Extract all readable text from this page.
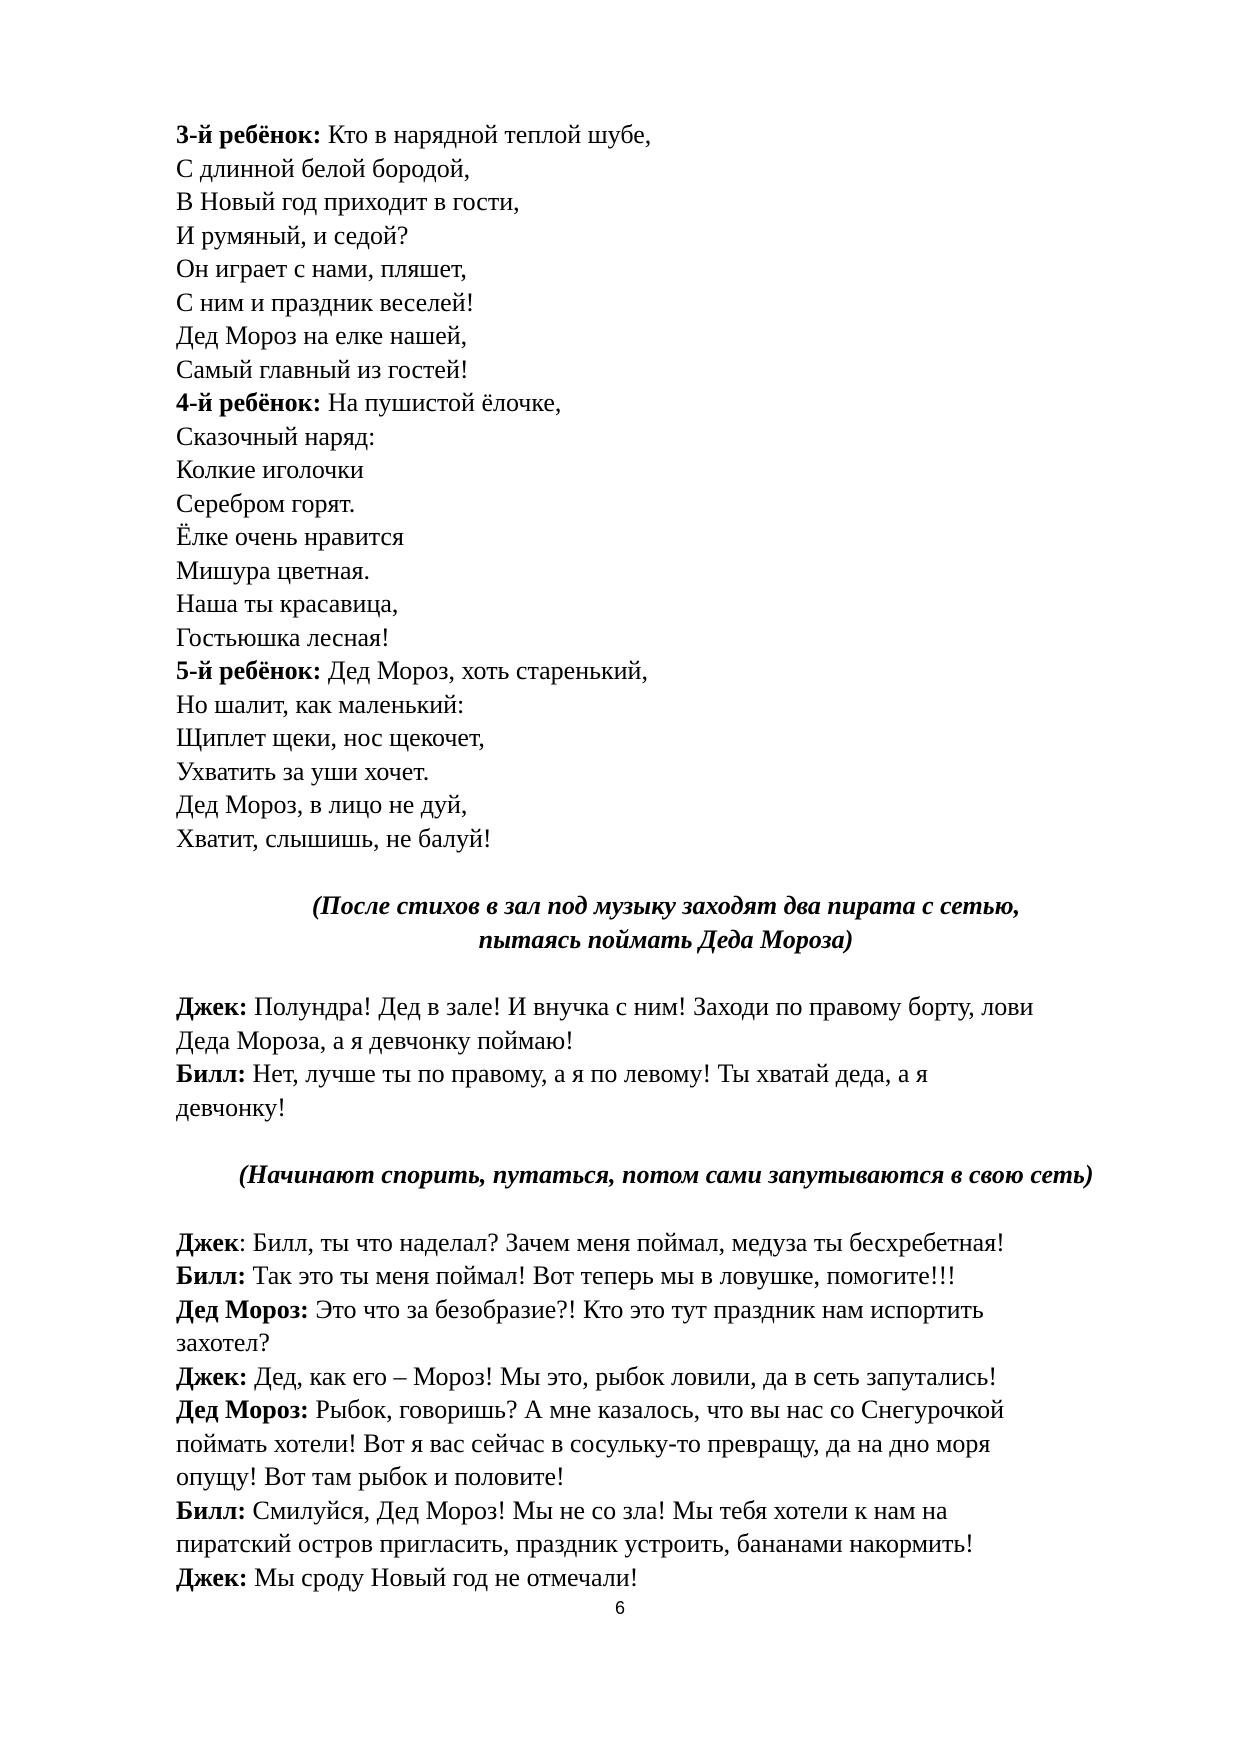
3-й ребёнок: Кто в нарядной теплой шубе,

С длинной белой бородой,

В Новый год приходит в гости,

И румяный, и седой?

Он играет с нами, пляшет,

С ним и праздник веселей!

Дед Мороз на елке нашей,

Самый главный из гостей!

4-й ребёнок: На пушистой ёлочке,

Сказочный наряд:

Колкие иголочки

Серебром горят.

Ёлке очень нравится

Мишура цветная.

Наша ты красавица,

Гостьюшка лесная!

5-й ребёнок: Дед Мороз, хоть старенький,

Но шалит, как маленький:

Щиплет щеки, нос щекочет,

Ухватить за уши хочет.

Дед Мороз, в лицо не дуй,

Хватит, слышишь, не балуй!

(После стихов в зал под музыку заходят два пирата с сетью,

пытаясь поймать Деда Мороза)

Джек: Полундра! Дед в зале! И внучка с ним! Заходи по правому борту, лови

Деда Мороза, а я девчонку поймаю!

Билл: Нет, лучше ты по правому, а я по левому! Ты хватай деда, а я

девчонку!

(Начинают спорить, путаться, потом сами запутываются в свою сеть)

Джек: Билл, ты что наделал? Зачем меня поймал, медуза ты бесхребетная!

Билл: Так это ты меня поймал! Вот теперь мы в ловушке, помогите!!!

Дед Мороз: Это что за безобразие?! Кто это тут праздник нам испортить

захотел?

Джек: Дед, как его – Мороз! Мы это, рыбок ловили, да в сеть запутались!

Дед Мороз: Рыбок, говоришь? А мне казалось, что вы нас со Снегурочкой

поймать хотели! Вот я вас сейчас в сосульку-то превращу, да на дно моря

опущу! Вот там рыбок и половите!

Билл: Смилуйся, Дед Мороз! Мы не со зла! Мы тебя хотели к нам на

пиратский остров пригласить, праздник устроить, бананами накормить!

Джек: Мы сроду Новый год не отмечали!

6
